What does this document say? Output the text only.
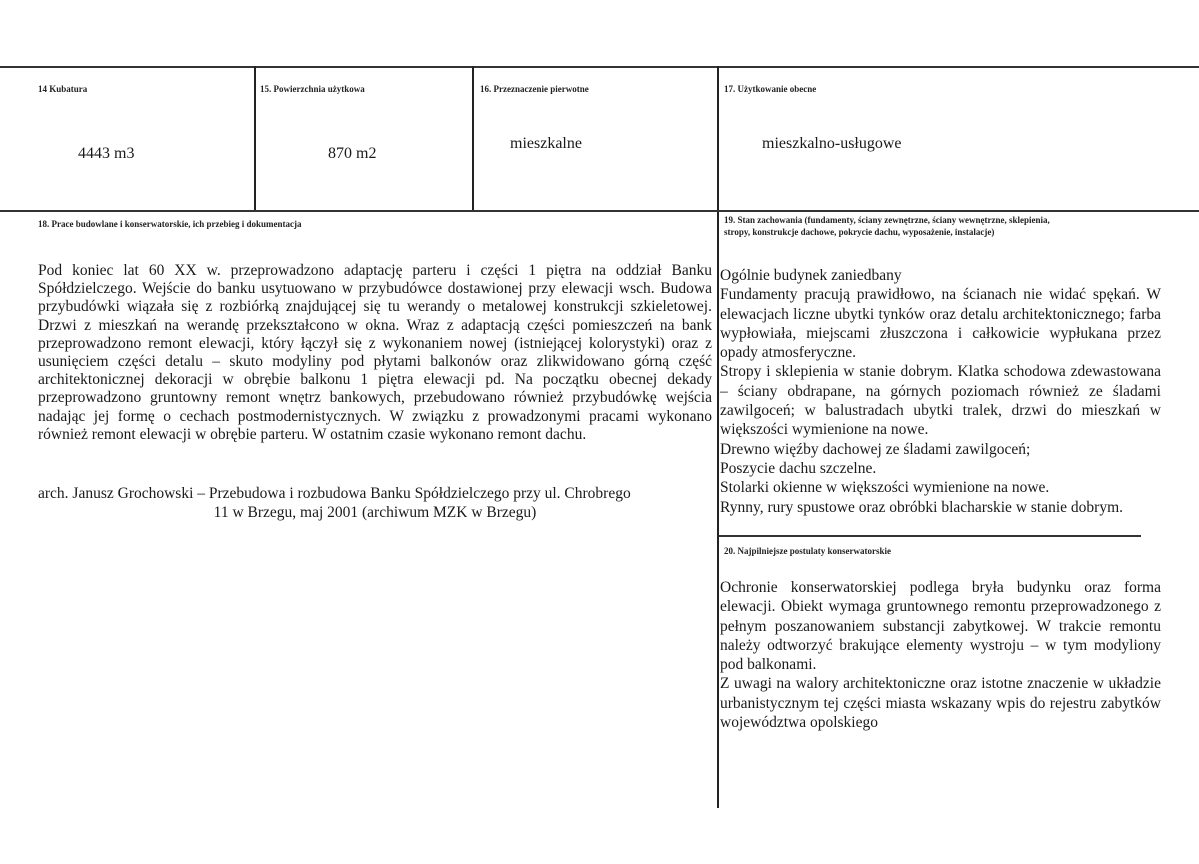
14 Kubatura
4443 m3
15. Powierzchnia użytkowa
870 m2
16. Przeznaczenie pierwotne
mieszkalne
17. Użytkowanie obecne
mieszkalno-usługowe
18. Prace budowlane i konserwatorskie, ich przebieg i dokumentacja

Pod koniec lat 60 XX w. przeprowadzono adaptację parteru i części 1 piętra na oddział Banku Spółdzielczego. Wejście do banku usytuowano w przybudówce dostawionej przy elewacji wsch. Budowa przybudówki wiązała się z rozbiórką znajdującej się tu werandy o metalowej konstrukcji szkieletowej. Drzwi z mieszkań na werandę przekształcono w okna. Wraz z adaptacją części pomieszczeń na bank przeprowadzono remont elewacji, który łączył się z wykonaniem nowej (istniejącej kolorystyki) oraz z usunięciem części detalu – skuto modyliny pod płytami balkonów oraz zlikwidowano górną część architektonicznej dekoracji w obrębie balkonu 1 piętra elewacji pd. Na początku obecnej dekady przeprowadzono gruntowny remont wnętrz bankowych, przebudowano również przybudówkę wejścia nadając jej formę o cechach postmodernistycznych. W związku z prowadzonymi pracami wykonano również remont elewacji w obrębie parteru. W ostatnim czasie wykonano remont dachu.

arch. Janusz Grochowski – Przebudowa i rozbudowa Banku Spółdzielczego przy ul. Chrobrego
11 w Brzegu, maj 2001 (archiwum MZK w Brzegu)

19. Stan zachowania (fundamenty, ściany zewnętrzne, ściany wewnętrzne, sklepienia,
stropy, konstrukcje dachowe, pokrycie dachu, wyposażenie, instalacje)
Ogólnie budynek zaniedbany
Fundamenty pracują prawidłowo, na ścianach nie widać spękań. W elewacjach liczne ubytki tynków oraz detalu architektonicznego; farba wypłowiała, miejscami złuszczona i całkowicie wypłukana przez opady atmosferyczne.
Stropy i sklepienia w stanie dobrym. Klatka schodowa zdewastowana – ściany obdrapane, na górnych poziomach również ze śladami zawilgoceń; w balustradach ubytki tralek, drzwi do mieszkań w większości wymienione na nowe.
Drewno więźby dachowej ze śladami zawilgoceń;
Poszycie dachu szczelne.
Stolarki okienne w większości wymienione na nowe.
Rynny, rury spustowe oraz obróbki blacharskie w stanie dobrym.
20. Najpilniejsze postulaty konserwatorskie
Ochronie konserwatorskiej podlega bryła budynku oraz forma elewacji. Obiekt wymaga gruntownego remontu przeprowadzonego z pełnym poszanowaniem substancji zabytkowej. W trakcie remontu należy odtworzyć brakujące elementy wystroju – w tym modyliony pod balkonami.
Z uwagi na walory architektoniczne oraz istotne znaczenie w układzie urbanistycznym tej części miasta wskazany wpis do rejestru zabytków województwa opolskiego
